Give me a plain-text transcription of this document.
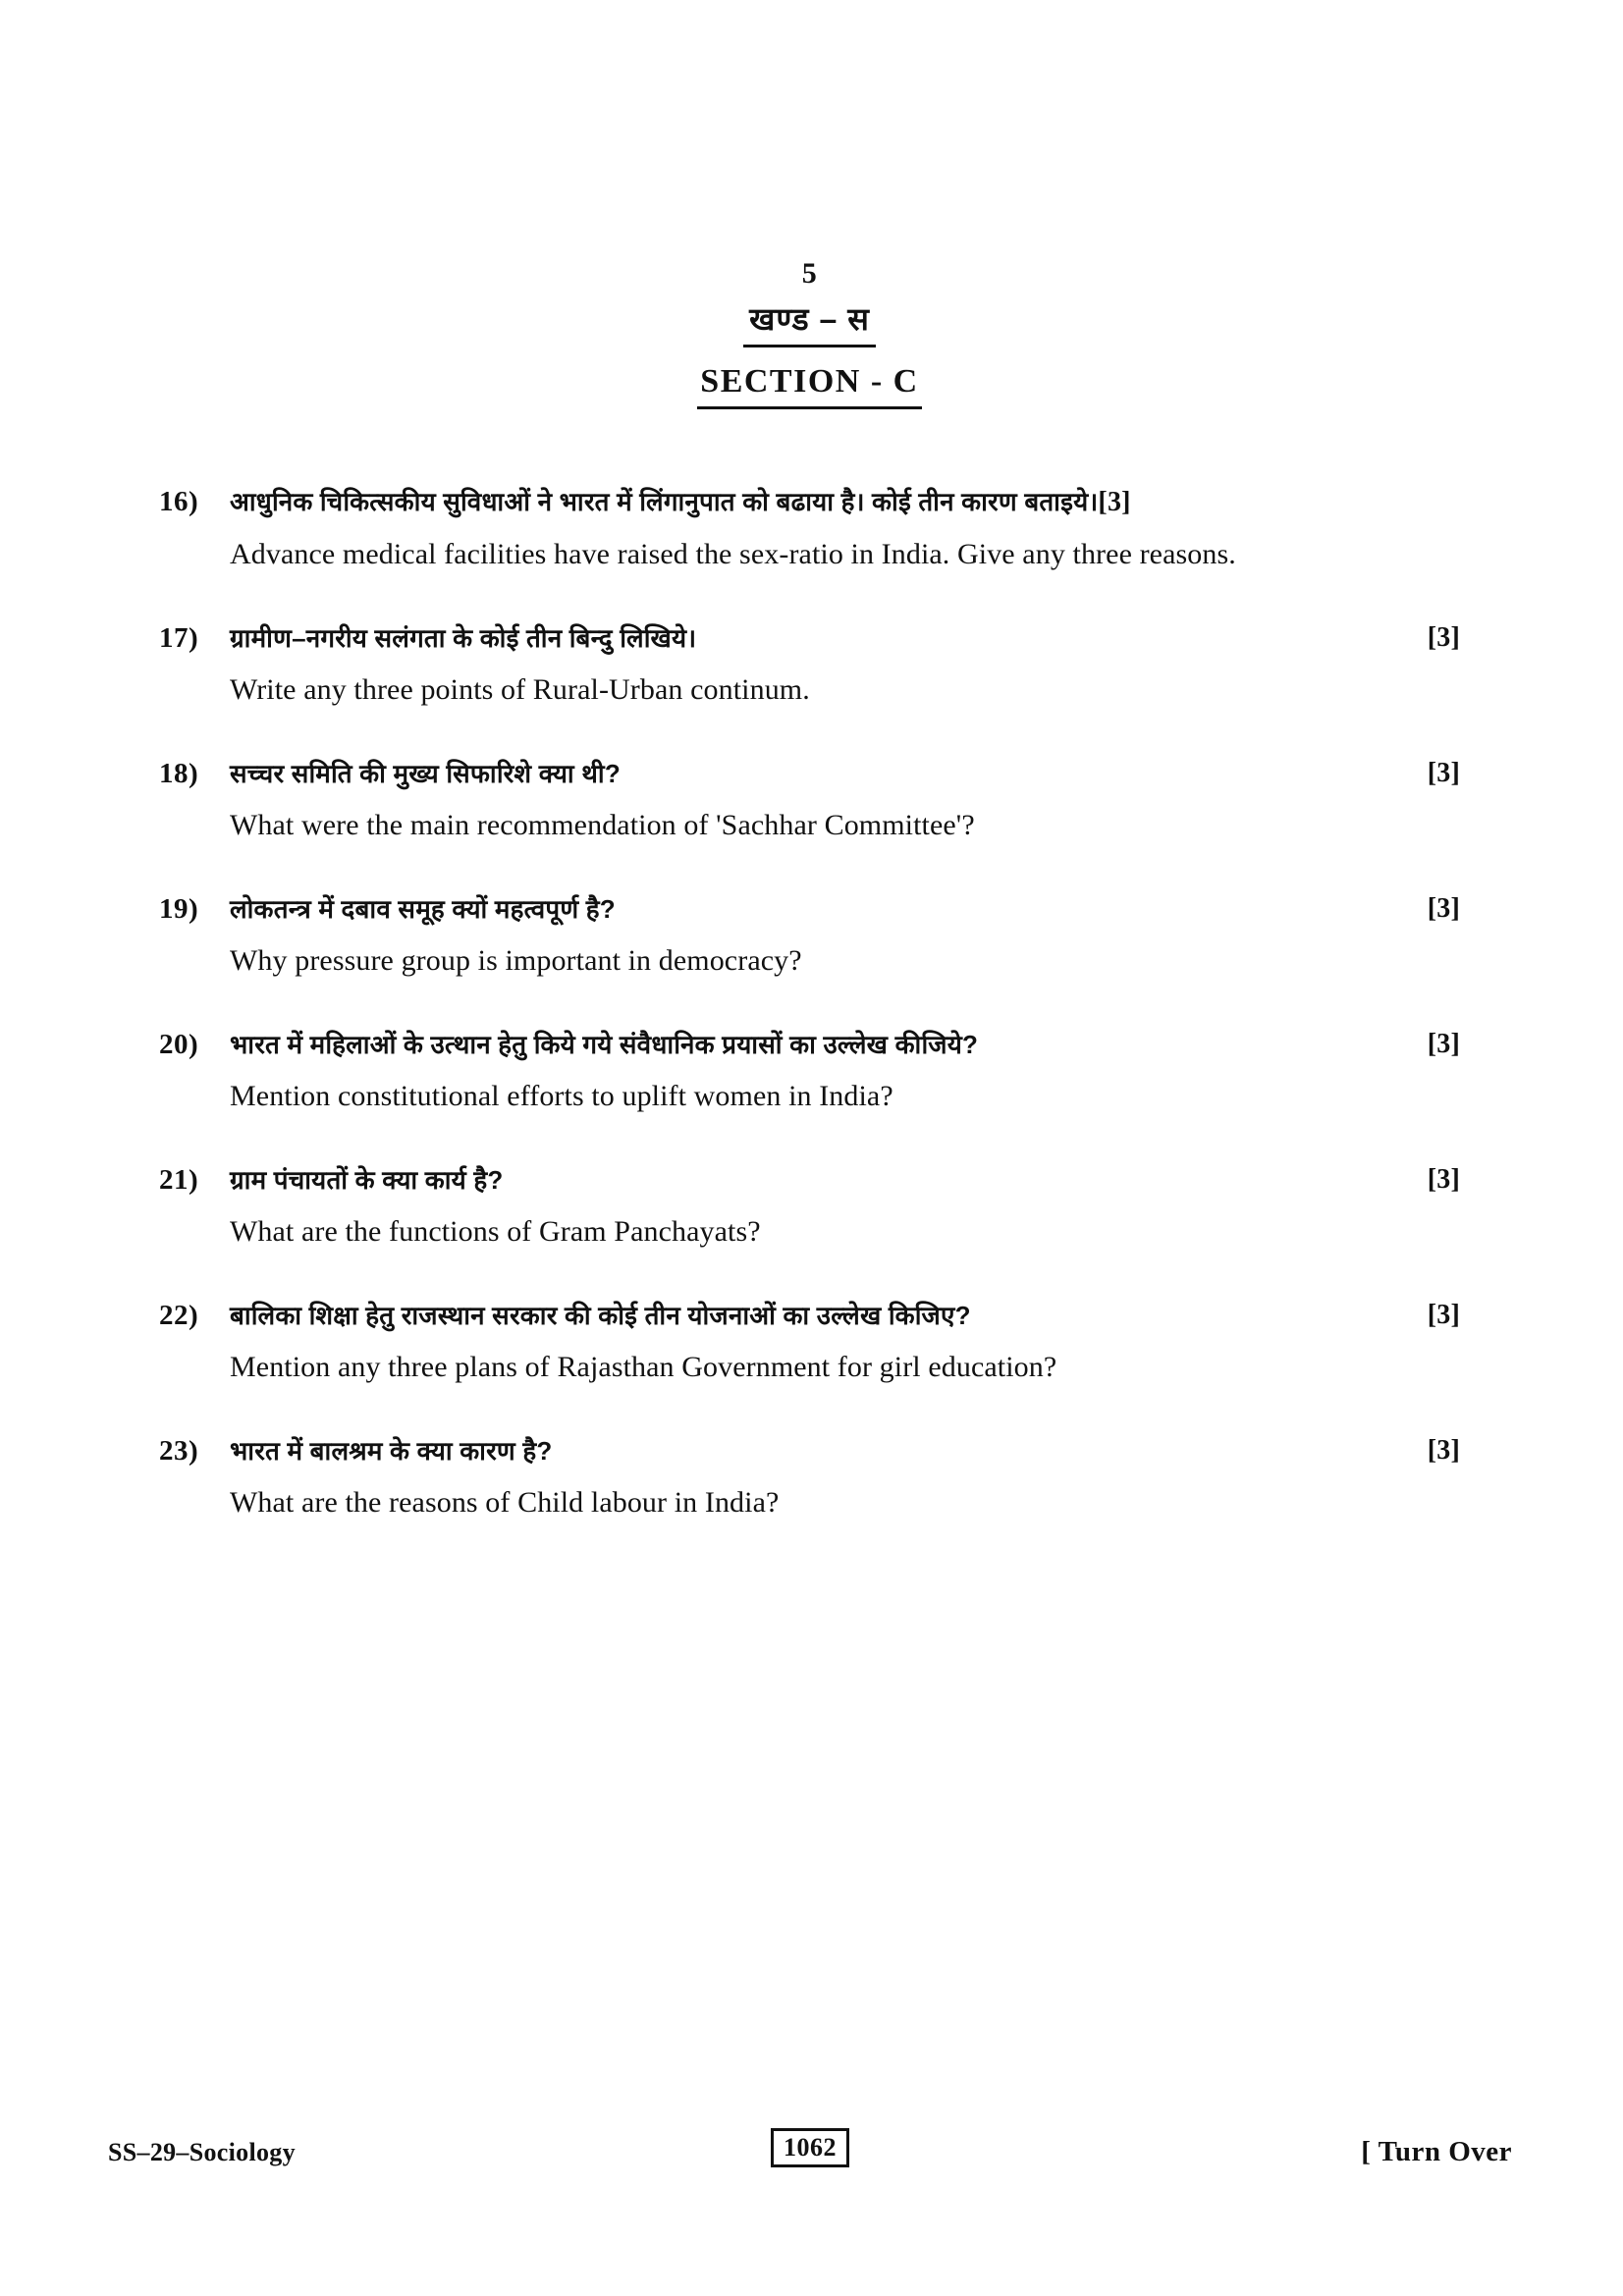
5
खण्ड – स
SECTION - C
16)	आधुनिक चिकित्सकीय सुविधाओं ने भारत में लिंगानुपात को बढाया है। कोई तीन कारण बताइये।[3]
Advance medical facilities have raised the sex-ratio in India. Give any three reasons.
17)	ग्रामीण–नगरीय सलंगता के कोई तीन बिन्दु लिखिये।	[3]
Write any three points of Rural-Urban continum.
18)	सच्चर समिति की मुख्य सिफारिशे क्या थी?	[3]
What were the main recommendation of 'Sachhar Committee'?
19)	लोकतन्त्र में दबाव समूह क्यों महत्वपूर्ण है?	[3]
Why pressure group is important in democracy?
20)	भारत में महिलाओं के उत्थान हेतु किये गये संवैधानिक प्रयासों का उल्लेख कीजिये?	[3]
Mention constitutional efforts to uplift women in India?
21)	ग्राम पंचायतों के क्या कार्य है?	[3]
What are the functions of Gram Panchayats?
22)	बालिका शिक्षा हेतु राजस्थान सरकार की कोई तीन योजनाओं का उल्लेख किजिए?	[3]
Mention any three plans of Rajasthan Government for girl education?
23)	भारत में बालश्रम के क्या कारण है?	[3]
What are the reasons of Child labour in India?
SS–29–Sociology	1062	[ Turn Over
